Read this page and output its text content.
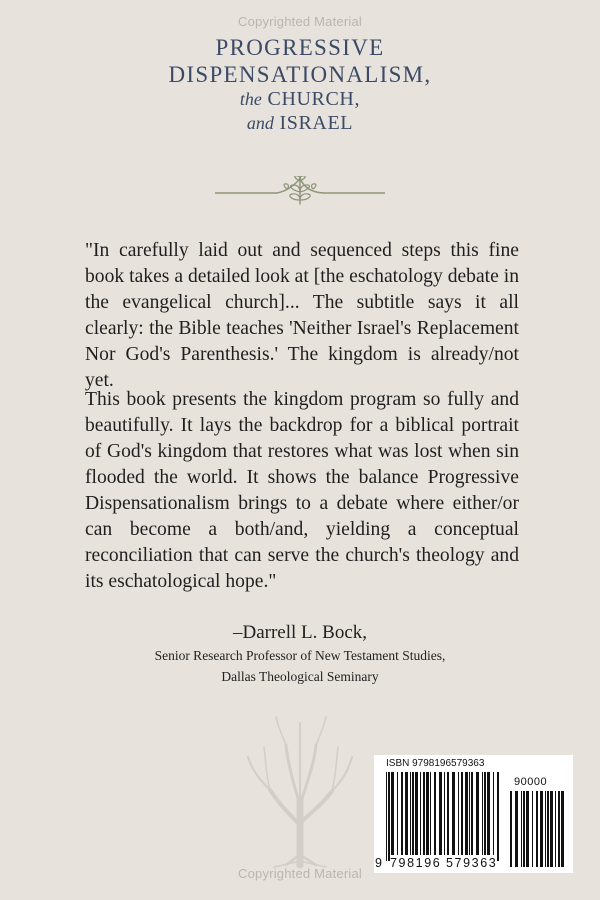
Copyrighted Material
PROGRESSIVE
DISPENSATIONALISM,
the CHURCH,
and ISRAEL
"In carefully laid out and sequenced steps this fine book takes a detailed look at [the eschatology debate in the evangelical church]... The subtitle says it all clearly: the Bible teaches 'Neither Israel's Replacement Nor God's Parenthesis.' The kingdom is already/not yet.
This book presents the kingdom program so fully and beautifully. It lays the backdrop for a biblical portrait of God's kingdom that restores what was lost when sin flooded the world. It shows the balance Progressive Dispensationalism brings to a debate where either/or can become a both/and, yielding a conceptual reconciliation that can serve the church's theology and its eschatological hope."
–Darrell L. Bock,
Senior Research Professor of New Testament Studies,
Dallas Theological Seminary
ISBN 9798196579363
90000
9 798196 579363
Copyrighted Material
